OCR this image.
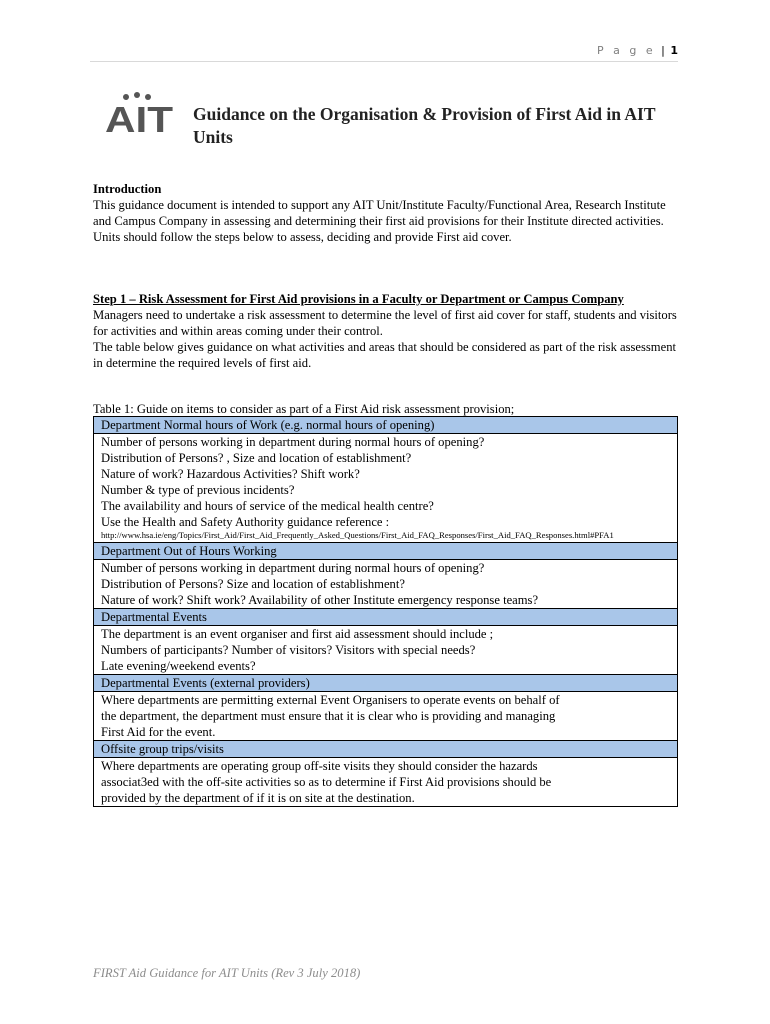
P a g e | 1
AIT Guidance on the Organisation & Provision of First Aid in AIT Units

Introduction

This guidance document is intended to support any AIT Unit/Institute Faculty/Functional Area, Research Institute and Campus Company in assessing and determining their first aid provisions for their Institute directed activities.

Units should follow the steps below to assess, deciding and provide First aid cover.

Step 1 – Risk Assessment for First Aid provisions in a Faculty or Department or Campus Company

Managers need to undertake a risk assessment to determine the level of first aid cover for staff, students and visitors for activities and within areas coming under their control.

The table below gives guidance on what activities and areas that should be considered as part of the risk assessment in determine the required levels of first aid.

Table 1: Guide on items to consider as part of a First Aid risk assessment provision;
Department Normal hours of Work (e.g. normal hours of opening)
Number of persons working in department during normal hours of opening?
Distribution of Persons? , Size and location of establishment?
Nature of work? Hazardous Activities? Shift work?
Number & type of previous incidents?
The availability and hours of service of the medical health centre?
Use the Health and Safety Authority guidance reference :
http://www.hsa.ie/eng/Topics/First_Aid/First_Aid_Frequently_Asked_Questions/First_Aid_FAQ_Responses/First_Aid_FAQ_Responses.html#PFA1
Department Out of Hours Working
Number of persons working in department during normal hours of opening?
Distribution of Persons? Size and location of establishment?
Nature of work? Shift work? Availability of other Institute emergency response teams?
Departmental Events
The department is an event organiser and first aid assessment should include ;
Numbers of participants? Number of visitors? Visitors with special needs?
Late evening/weekend events?
Departmental Events (external providers)
Where departments are permitting external Event Organisers to operate events on behalf of
the department, the department must ensure that it is clear who is providing and managing
First Aid for the event.
Offsite group trips/visits
Where departments are operating group off-site visits they should consider the hazards
associat3ed with the off-site activities so as to determine if First Aid provisions should be
provided by the department of if it is on site at the destination.
FIRST Aid Guidance for AIT Units (Rev 3 July 2018)
